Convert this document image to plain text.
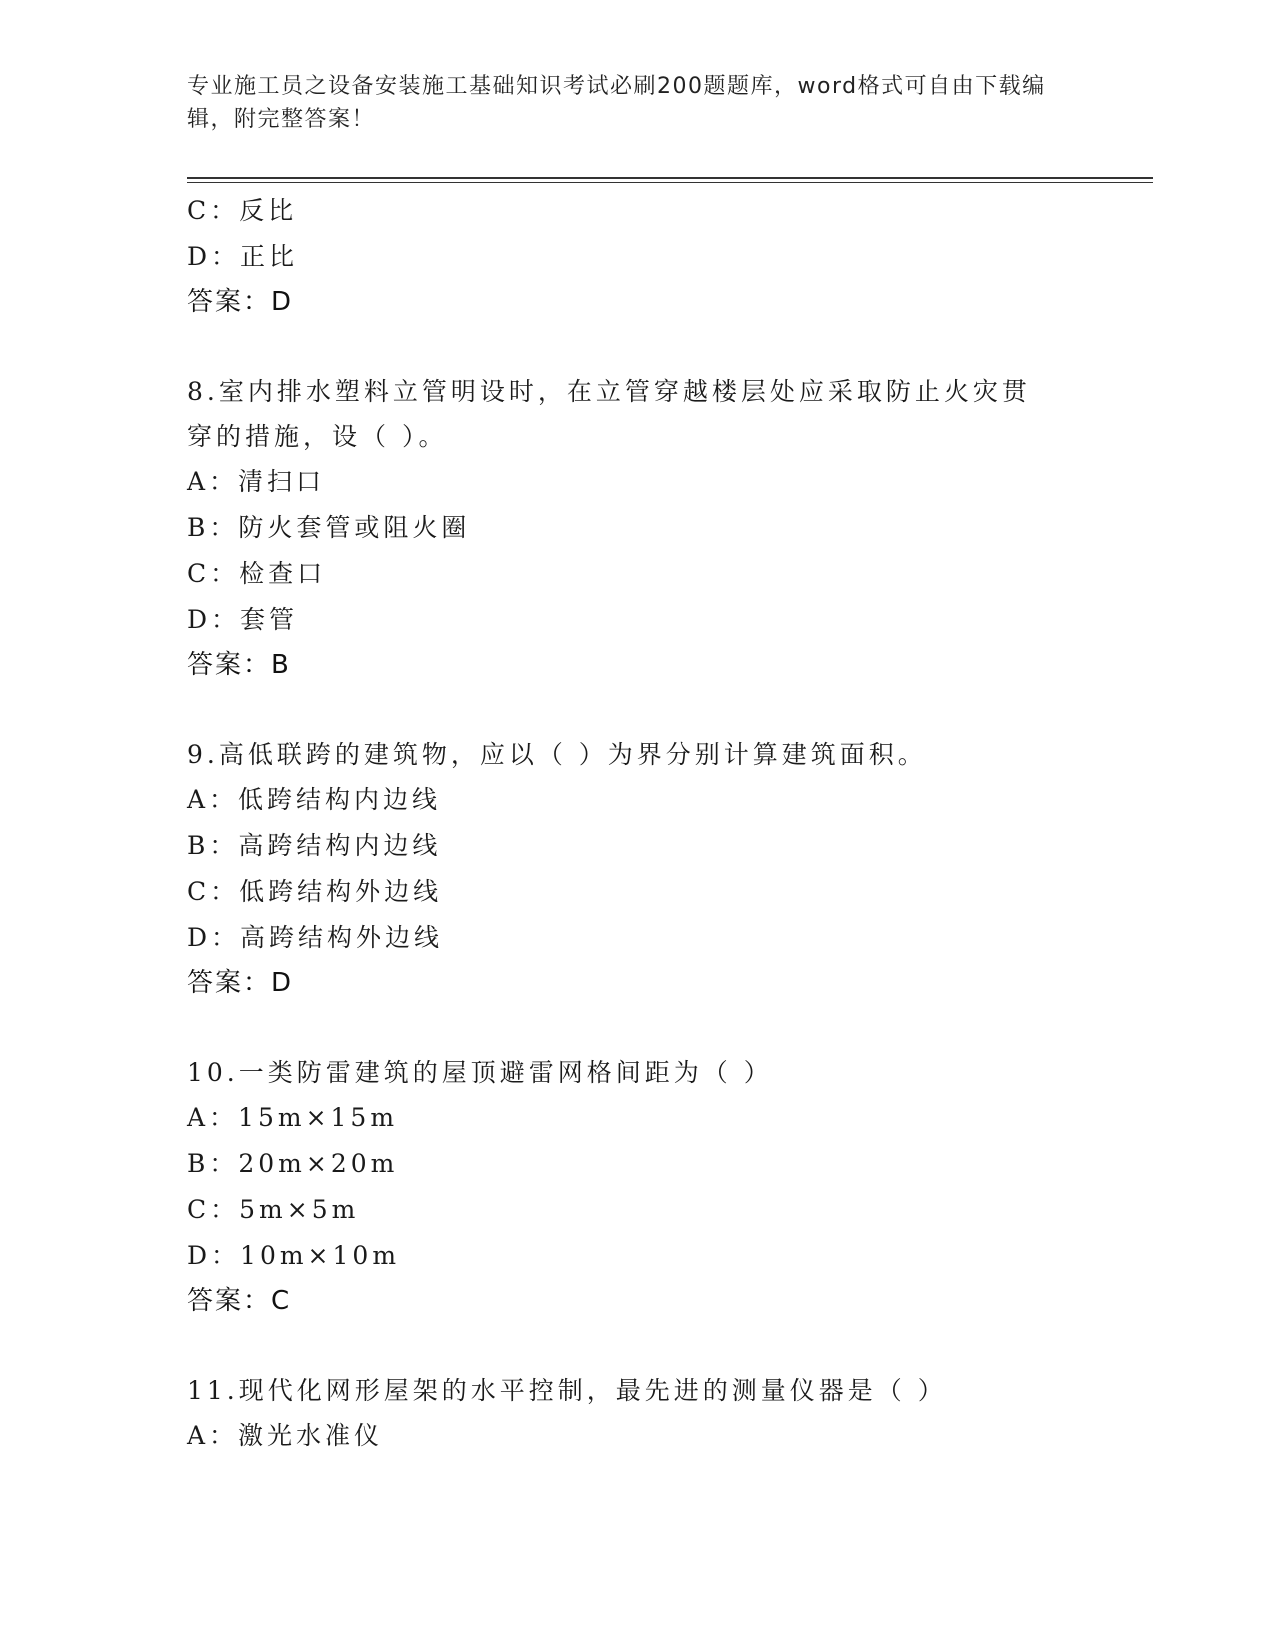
专业施工员之设备安装施工基础知识考试必刷200题题库，word格式可自由下载编辑，附完整答案！
C：反比
D：正比
答案：D
8.室内排水塑料立管明设时，在立管穿越楼层处应采取防止火灾贯穿的措施，设（ ）。
A：清扫口
B：防火套管或阻火圈
C：检查口
D：套管
答案：B
9.高低联跨的建筑物，应以（ ）为界分别计算建筑面积。
A：低跨结构内边线
B：高跨结构内边线
C：低跨结构外边线
D：高跨结构外边线
答案：D
10.一类防雷建筑的屋顶避雷网格间距为（ ）
A：15m×15m
B：20m×20m
C：5m×5m
D：10m×10m
答案：C
11.现代化网形屋架的水平控制，最先进的测量仪器是（ ）
A：激光水准仪
